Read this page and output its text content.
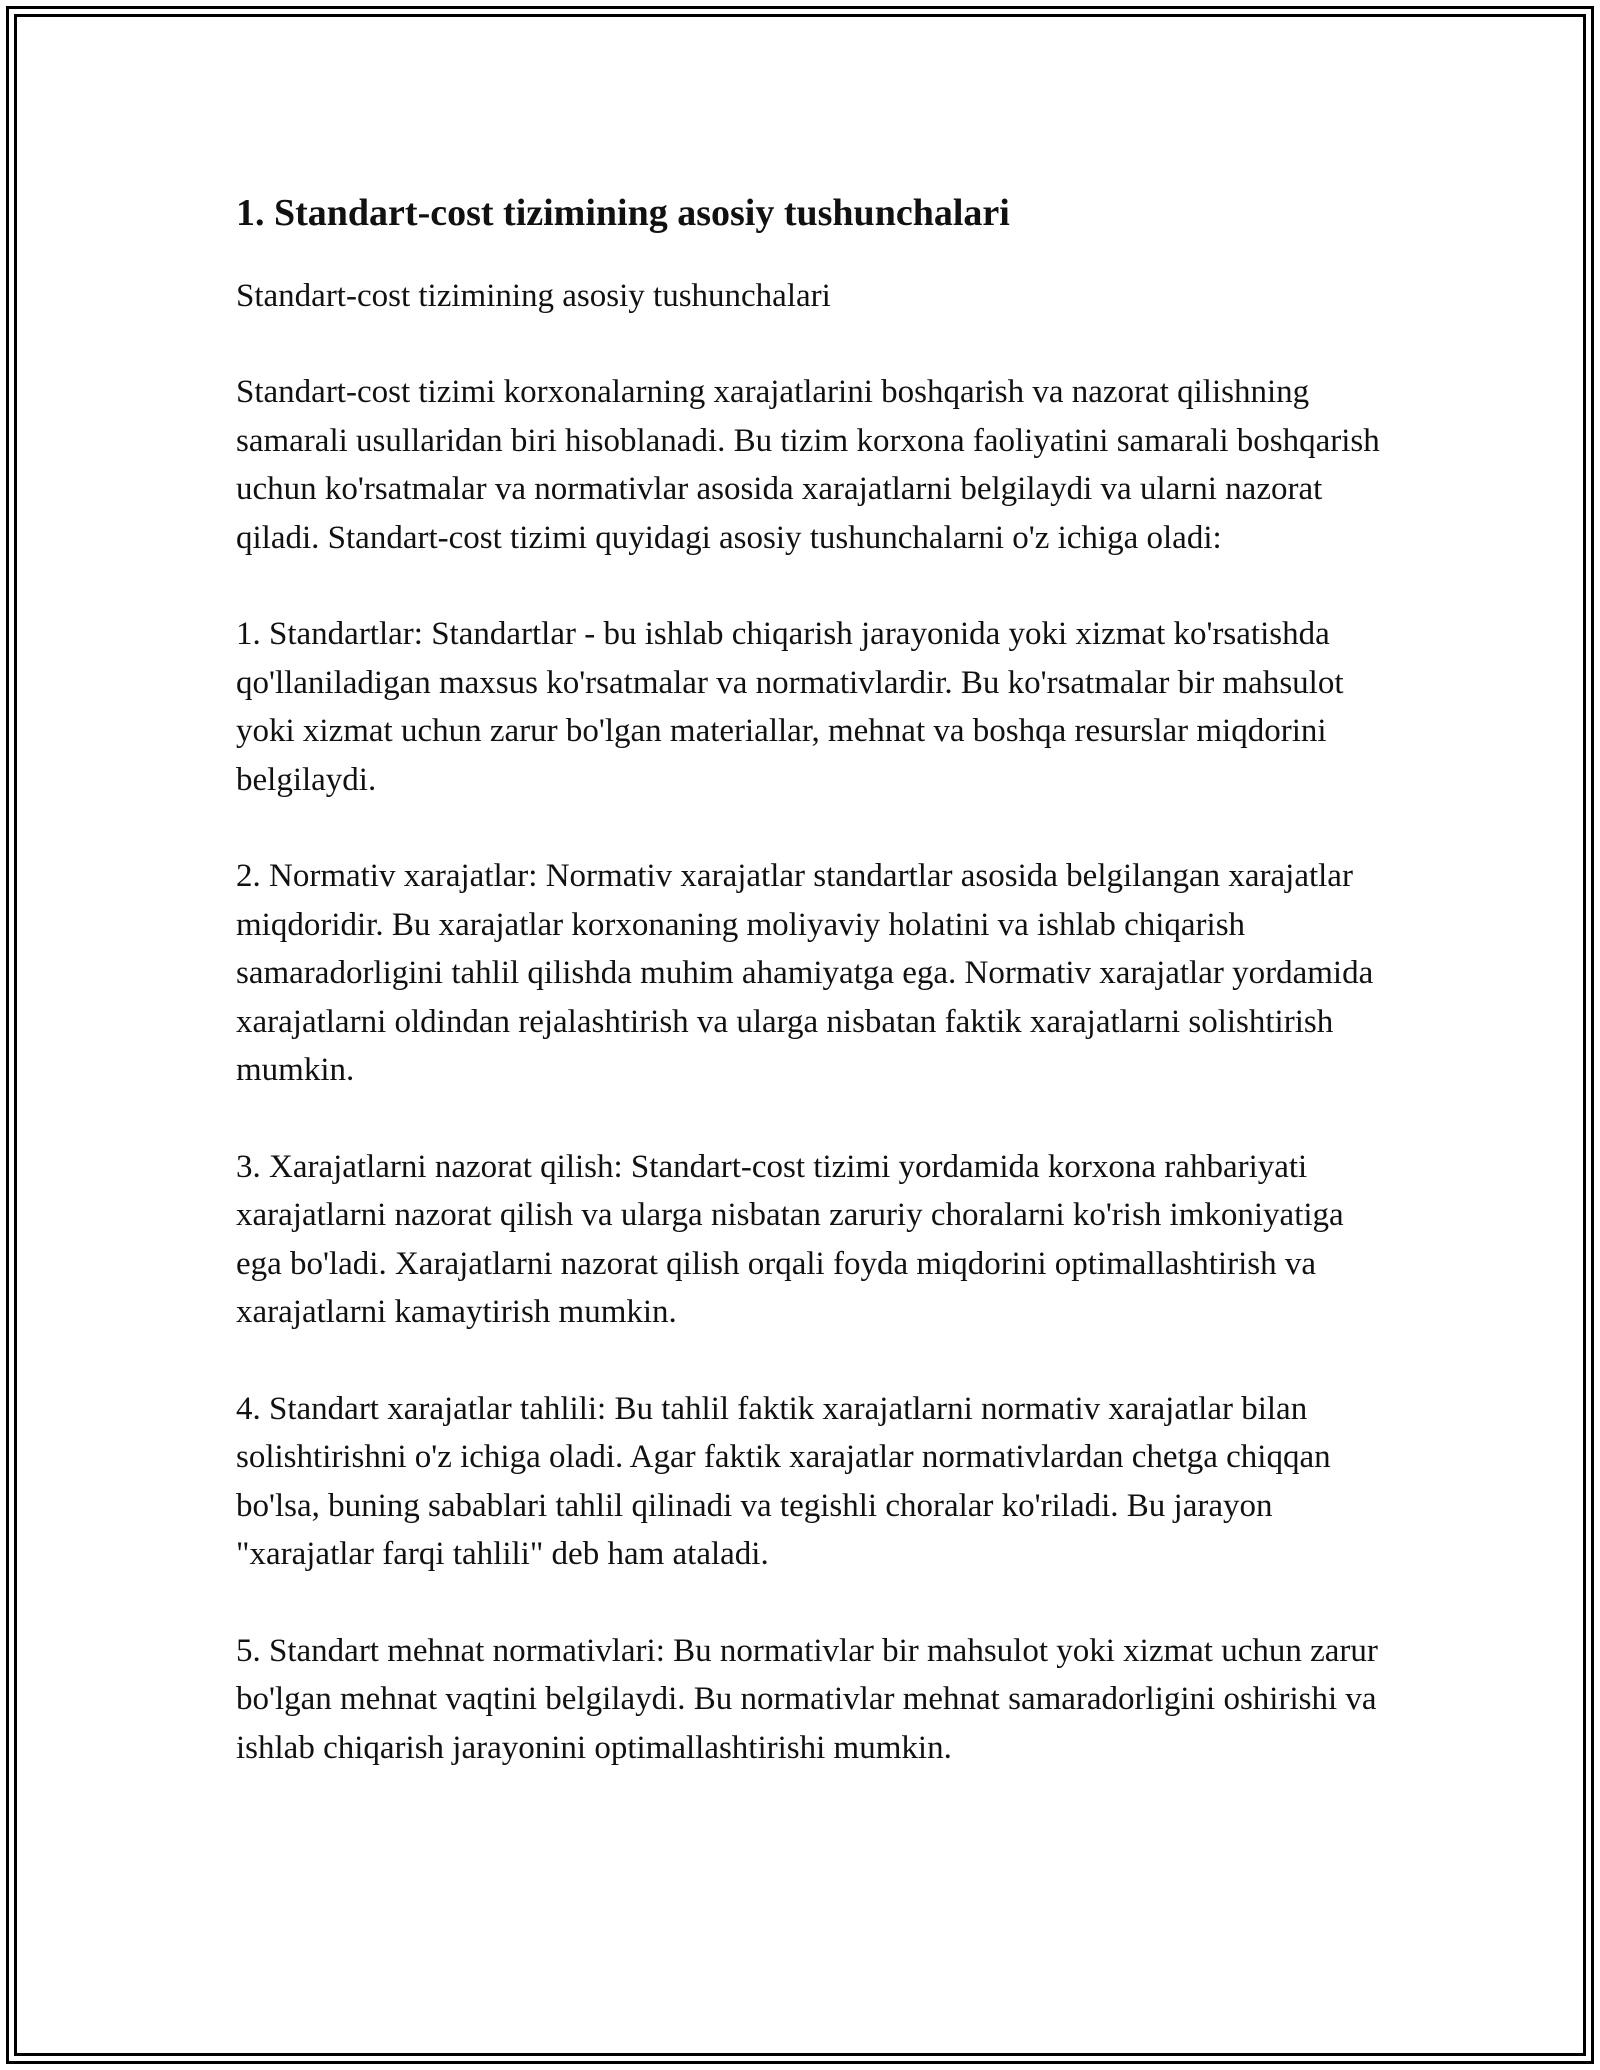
1. Standart-cost tizimining asosiy tushunchalari
Standart-cost tizimining asosiy tushunchalari

Standart-cost tizimi korxonalarning xarajatlarini boshqarish va nazorat qilishning samarali usullaridan biri hisoblanadi. Bu tizim korxona faoliyatini samarali boshqarish uchun ko'rsatmalar va normativlar asosida xarajatlarni belgilaydi va ularni nazorat qiladi. Standart-cost tizimi quyidagi asosiy tushunchalarni o'z ichiga oladi:

1. Standartlar: Standartlar - bu ishlab chiqarish jarayonida yoki xizmat ko'rsatishda qo'llaniladigan maxsus ko'rsatmalar va normativlardir. Bu ko'rsatmalar bir mahsulot yoki xizmat uchun zarur bo'lgan materiallar, mehnat va boshqa resurslar miqdorini belgilaydi.

2. Normativ xarajatlar: Normativ xarajatlar standartlar asosida belgilangan xarajatlar miqdoridir. Bu xarajatlar korxonaning moliyaviy holatini va ishlab chiqarish samaradorligini tahlil qilishda muhim ahamiyatga ega. Normativ xarajatlar yordamida xarajatlarni oldindan rejalashtirish va ularga nisbatan faktik xarajatlarni solishtirish mumkin.

3. Xarajatlarni nazorat qilish: Standart-cost tizimi yordamida korxona rahbariyati xarajatlarni nazorat qilish va ularga nisbatan zaruriy choralarni ko'rish imkoniyatiga ega bo'ladi. Xarajatlarni nazorat qilish orqali foyda miqdorini optimallashtirish va xarajatlarni kamaytirish mumkin.

4. Standart xarajatlar tahlili: Bu tahlil faktik xarajatlarni normativ xarajatlar bilan solishtirishni o'z ichiga oladi. Agar faktik xarajatlar normativlardan chetga chiqqan bo'lsa, buning sabablari tahlil qilinadi va tegishli choralar ko'riladi. Bu jarayon "xarajatlar farqi tahlili" deb ham ataladi.

5. Standart mehnat normativlari: Bu normativlar bir mahsulot yoki xizmat uchun zarur bo'lgan mehnat vaqtini belgilaydi. Bu normativlar mehnat samaradorligini oshirishi va ishlab chiqarish jarayonini optimallashtirishi mumkin.
